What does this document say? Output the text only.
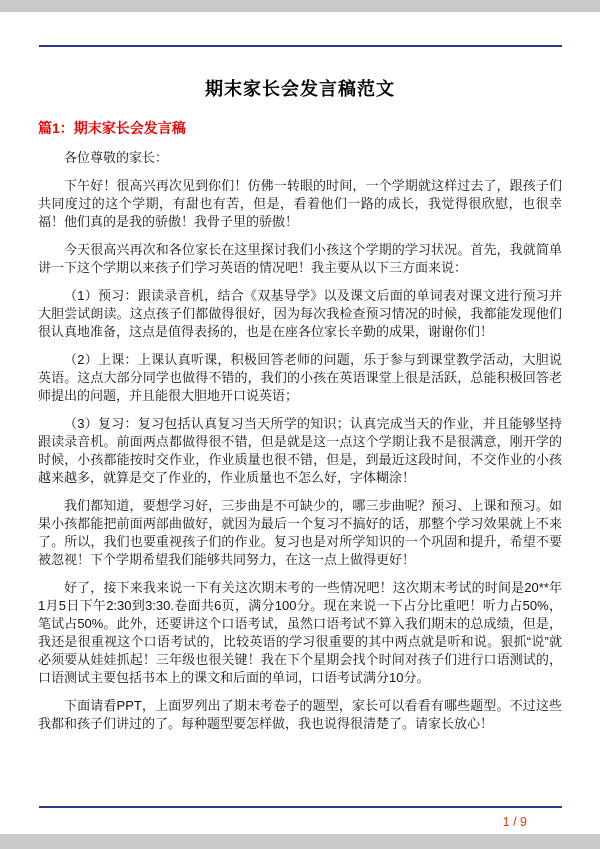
期末家长会发言稿范文
篇1：期末家长会发言稿

各位尊敬的家长：

下午好！很高兴再次见到你们！仿佛一转眼的时间，一个学期就这样过去了，跟孩子们共同度过的这个学期，有甜也有苦，但是，看着他们一路的成长，我觉得很欣慰，也很幸福！他们真的是我的骄傲！我骨子里的骄傲！

今天很高兴再次和各位家长在这里探讨我们小孩这个学期的学习状况。首先，我就简单讲一下这个学期以来孩子们学习英语的情况吧！我主要从以下三方面来说：

（1）预习：跟读录音机，结合《双基导学》以及课文后面的单词表对课文进行预习并大胆尝试朗读。这点孩子们都做得很好，因为每次我检查预习情况的时候，我都能发现他们很认真地准备，这点是值得表扬的，也是在座各位家长辛勤的成果，谢谢你们！

（2）上课：上课认真听课，积极回答老师的问题，乐于参与到课堂教学活动，大胆说英语。这点大部分同学也做得不错的，我们的小孩在英语课堂上很是活跃，总能积极回答老师提出的问题，并且能很大胆地开口说英语；

（3）复习：复习包括认真复习当天所学的知识；认真完成当天的作业，并且能够坚持跟读录音机。前面两点都做得很不错，但是就是这一点这个学期让我不是很满意，刚开学的时候，小孩都能按时交作业，作业质量也很不错，但是，到最近这段时间，不交作业的小孩越来越多，就算是交了作业的，作业质量也不怎么好，字体糊涂！

我们都知道，要想学习好，三步曲是不可缺少的，哪三步曲呢？预习、上课和预习。如果小孩都能把前面两部曲做好，就因为最后一个复习不搞好的话，那整个学习效果就上不来了。所以，我们也要重视孩子们的作业。复习也是对所学知识的一个巩固和提升，希望不要被忽视！下个学期希望我们能够共同努力，在这一点上做得更好！

好了，接下来我来说一下有关这次期末考的一些情况吧！这次期末考试的时间是20**年1月5日下午2:30到3:30.卷面共6页，满分100分。现在来说一下占分比重吧！听力占50%，笔试占50%。此外，还要讲这个口语考试，虽然口语考试不算入我们期末的总成绩，但是，我还是很重视这个口语考试的，比较英语的学习很重要的其中两点就是听和说。狠抓“说”就必须要从娃娃抓起！三年级也很关键！我在下个星期会找个时间对孩子们进行口语测试的，口语测试主要包括书本上的课文和后面的单词，口语考试满分10分。

下面请看PPT，上面罗列出了期末考卷子的题型，家长可以看看有哪些题型。不过这些我都和孩子们讲过的了。每种题型要怎样做，我也说得很清楚了。请家长放心！

1 / 9
